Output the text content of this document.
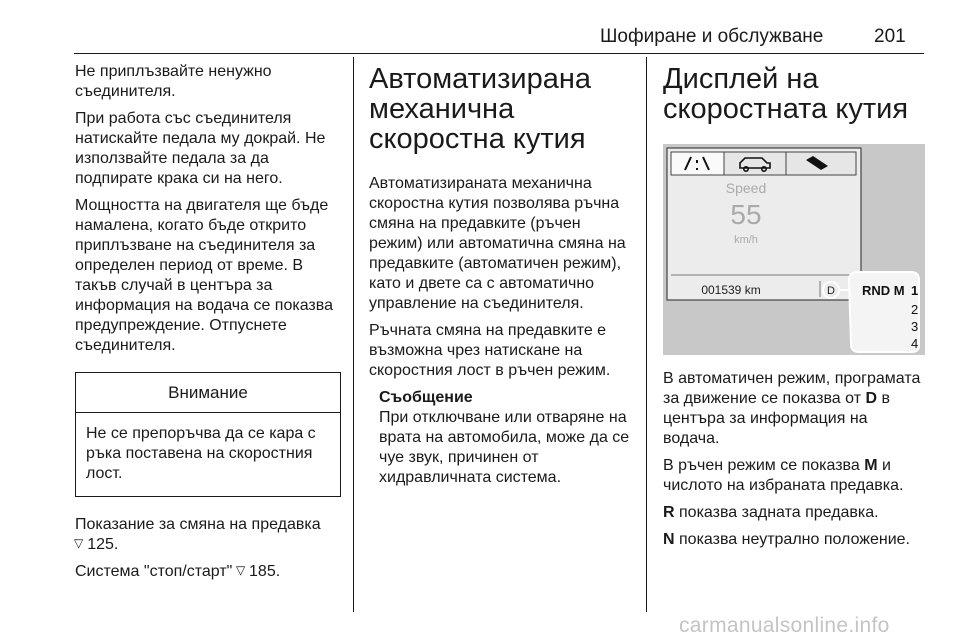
Шофиране и обслужване	201

Не приплъзвайте ненужно съединителя.

При работа със съединителя натискайте педала му докрай. Не използвайте педала за да подпирате крака си на него.

Мощността на двигателя ще бъде намалена, когато бъде открито приплъзване на съединителя за определен период от време. В такъв случай в центъра за информация на водача се показва предупреждение. Отпуснете съединителя.

Внимание
Не се препоръчва да се кара с ръка поставена на скоростния лост.

Показание за смяна на предавка
▷125.

Система "стоп/старт" ▷185.

Автоматизирана механична скоростна кутия

Автоматизираната механична скоростна кутия позволява ръчна смяна на предавките (ръчен режим) или автоматична смяна на предавките (автоматичен режим), като и двете са с автоматично управление на съединителя.

Ръчната смяна на предавките е възможна чрез натискане на скоростния лост в ръчен режим.

Съобщение
При отключване или отваряне на врата на автомобила, може да се чуе звук, причинен от хидравличната система.
Дисплей на скоростната кутия
Speed
55
km/h
001539 km	D RND M 1
2
3
4

В автоматичен режим, програмата за движение се показва от D в центъра за информация на водача.

В ръчен режим се показва M и числото на избраната предавка.

R показва задната предавка.

N показва неутрално положение.

carmanualsonline.info
